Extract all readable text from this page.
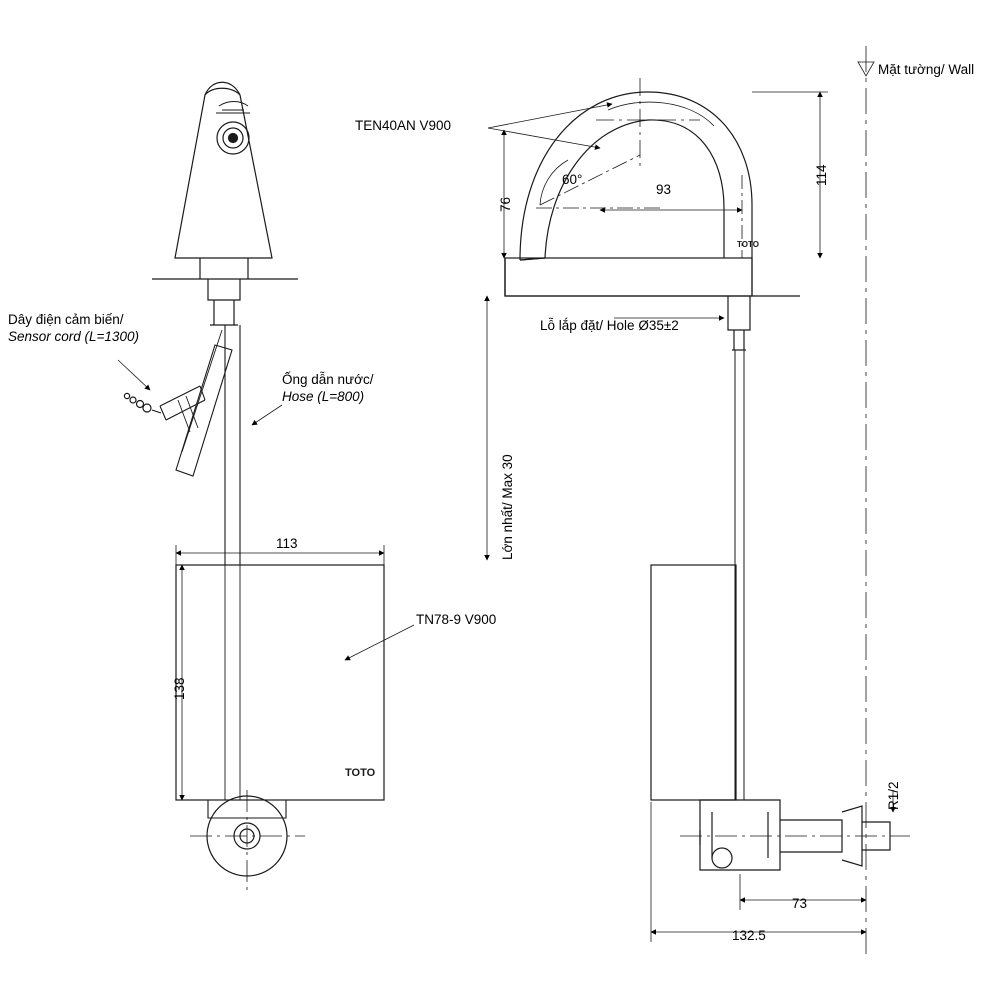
TOTO
TOTO
Dây điện cảm biến/
Sensor cord (L=1300)
Ống dẫn nước/
Hose (L=800)
TEN40AN V900
TN78-9 V900
Mặt tường/ Wall
Lỗ lắp đặt/ Hole Ø35±2
Lớn nhất/ Max 30
113
138
76
93
114
60°
73
132.5
R1/2
